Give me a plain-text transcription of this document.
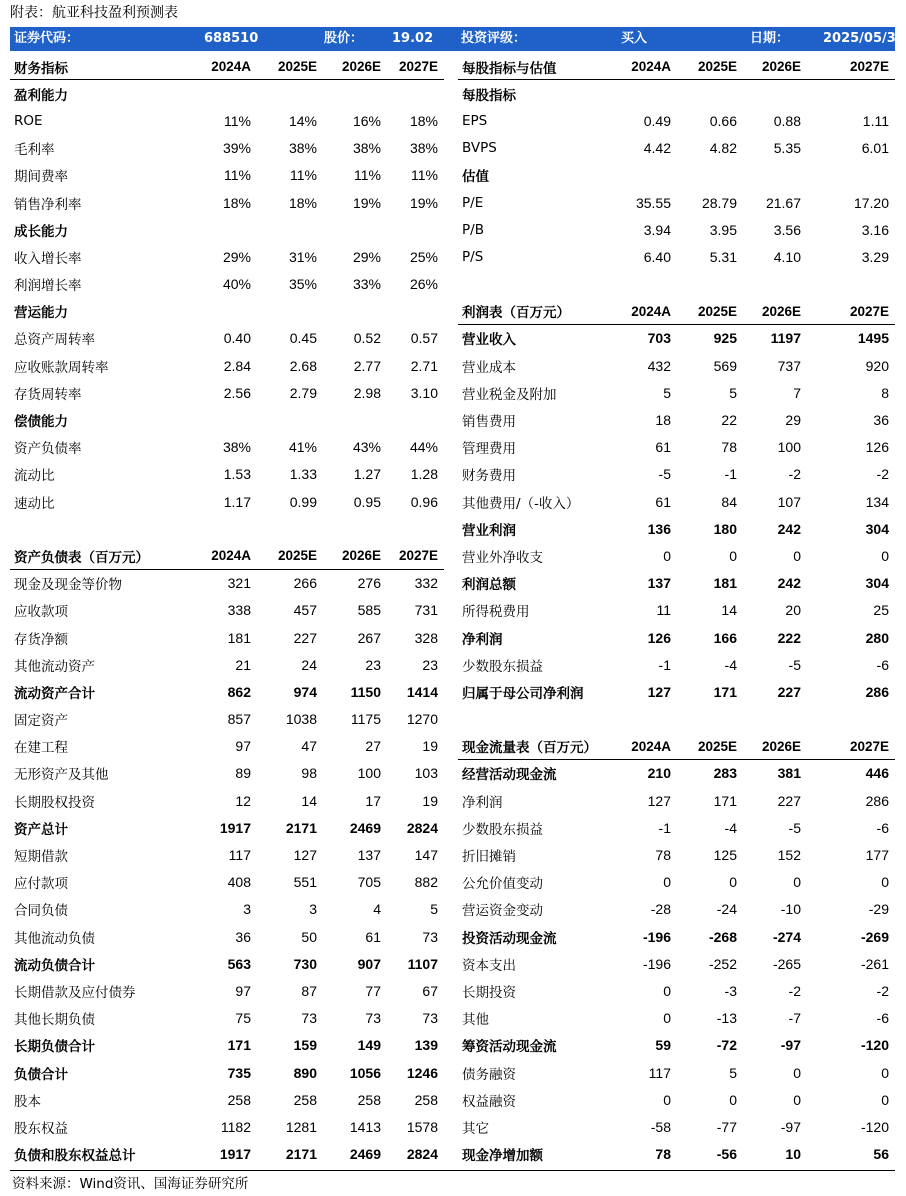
附表：航亚科技盈利预测表
证券代码：	688510	股价： 19.02 投资评级：	买入	日期：	2025/05/30
财务指标	2024A	2025E	2026E	2027E
盈利能力				
ROE	11%	14%	16%	18%
毛利率	39%	38%	38%	38%
期间费率	11%	11%	11%	11%
销售净利率	18%	18%	19%	19%
成长能力				
收入增长率	29%	31%	29%	25%
利润增长率	40%	35%	33%	26%
营运能力				
总资产周转率	0.40	0.45	0.52	0.57
应收账款周转率	2.84	2.68	2.77	2.71
存货周转率	2.56	2.79	2.98	3.10
偿债能力				
资产负债率	38%	41%	43%	44%
流动比	1.53	1.33	1.27	1.28
速动比	1.17	0.99	0.95	0.96

资产负债表（百万元）	2024A	2025E	2026E	2027E
现金及现金等价物	321	266	276	332
应收款项	338	457	585	731
存货净额	181	227	267	328
其他流动资产	21	24	23	23
流动资产合计	862	974	1150	1414
固定资产	857	1038	1175	1270
在建工程	97	47	27	19
无形资产及其他	89	98	100	103
长期股权投资	12	14	17	19
资产总计	1917	2171	2469	2824
短期借款	117	127	137	147
应付款项	408	551	705	882
合同负债	3	3	4	5
其他流动负债	36	50	61	73
流动负债合计	563	730	907	1107
长期借款及应付债券	97	87	77	67
其他长期负债	75	73	73	73
长期负债合计	171	159	149	139
负债合计	735	890	1056	1246
股本	258	258	258	258
股东权益	1182	1281	1413	1578
负债和股东权益总计	1917	2171	2469	2824
每股指标与估值	2024A	2025E	2026E	2027E
每股指标				
EPS	0.49	0.66	0.88	1.11
BVPS	4.42	4.82	5.35	6.01
估值				
P/E	35.55	28.79	21.67	17.20
P/B	3.94	3.95	3.56	3.16
P/S	6.40	5.31	4.10	3.29

利润表（百万元）	2024A	2025E	2026E	2027E
营业收入	703	925	1197	1495
营业成本	432	569	737	920
营业税金及附加	5	5	7	8
销售费用	18	22	29	36
管理费用	61	78	100	126
财务费用	-5	-1	-2	-2
其他费用/（-收入）	61	84	107	134
营业利润	136	180	242	304
营业外净收支	0	0	0	0
利润总额	137	181	242	304
所得税费用	11	14	20	25
净利润	126	166	222	280
少数股东损益	-1	-4	-5	-6
归属于母公司净利润	127	171	227	286

现金流量表（百万元）	2024A	2025E	2026E	2027E
经营活动现金流	210	283	381	446
净利润	127	171	227	286
少数股东损益	-1	-4	-5	-6
折旧摊销	78	125	152	177
公允价值变动	0	0	0	0
营运资金变动	-28	-24	-10	-29
投资活动现金流	-196	-268	-274	-269
资本支出	-196	-252	-265	-261
长期投资	0	-3	-2	-2
其他	0	-13	-7	-6
筹资活动现金流	59	-72	-97	-120
债务融资	117	5	0	0
权益融资	0	0	0	0
其它	-58	-77	-97	-120
现金净增加额	78	-56	10	56
资料来源：Wind资讯、国海证券研究所
